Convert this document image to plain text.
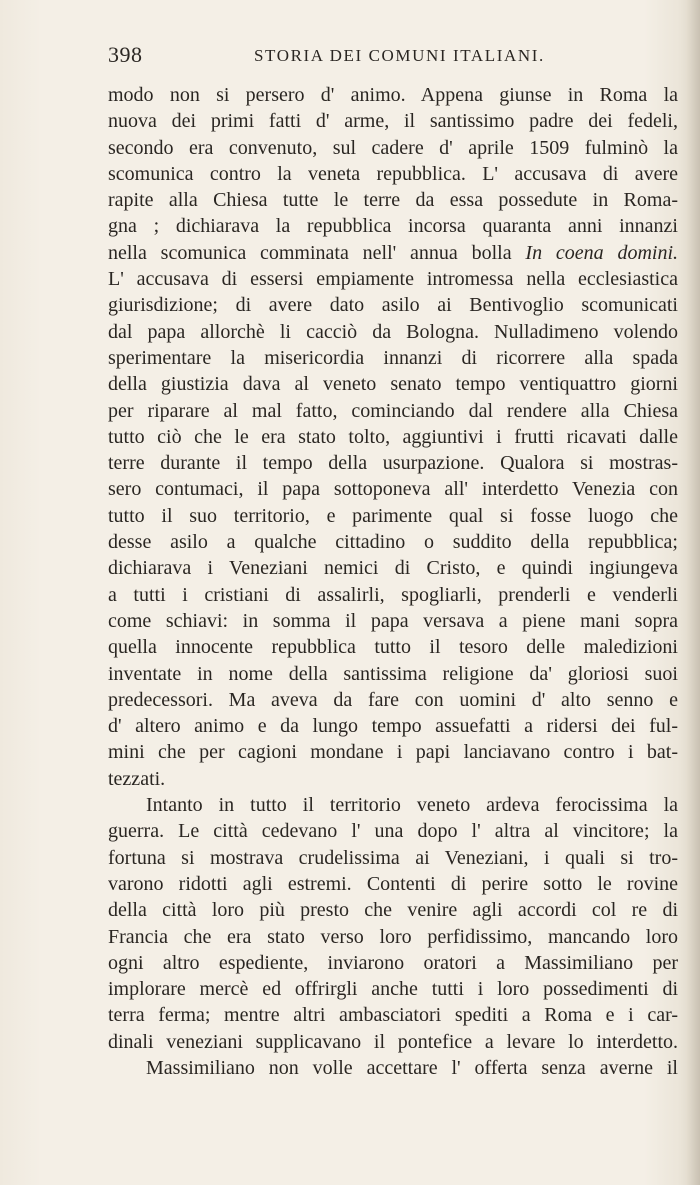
398	STORIA DEI COMUNI ITALIANI.
modo non si persero d' animo. Appena giunse in Roma la
nuova dei primi fatti d' arme, il santissimo padre dei fedeli,
secondo era convenuto, sul cadere d' aprile 1509 fulminò la
scomunica contro la veneta repubblica. L' accusava di avere
rapite alla Chiesa tutte le terre da essa possedute in Roma-
gna ; dichiarava la repubblica incorsa quaranta anni innanzi
nella scomunica comminata nell' annua bolla In coena domini.
L' accusava di essersi empiamente intromessa nella ecclesiastica
giurisdizione; di avere dato asilo ai Bentivoglio scomunicati
dal papa allorchè li cacciò da Bologna. Nulladimeno volendo
sperimentare la misericordia innanzi di ricorrere alla spada
della giustizia dava al veneto senato tempo ventiquattro giorni
per riparare al mal fatto, cominciando dal rendere alla Chiesa
tutto ciò che le era stato tolto, aggiuntivi i frutti ricavati dalle
terre durante il tempo della usurpazione. Qualora si mostras-
sero contumaci, il papa sottoponeva all' interdetto Venezia con
tutto il suo territorio, e parimente qual si fosse luogo che
desse asilo a qualche cittadino o suddito della repubblica;
dichiarava i Veneziani nemici di Cristo, e quindi ingiungeva
a tutti i cristiani di assalirli, spogliarli, prenderli e venderli
come schiavi: in somma il papa versava a piene mani sopra
quella innocente repubblica tutto il tesoro delle maledizioni
inventate in nome della santissima religione da' gloriosi suoi
predecessori. Ma aveva da fare con uomini d' alto senno e
d' altero animo e da lungo tempo assuefatti a ridersi dei ful-
mini che per cagioni mondane i papi lanciavano contro i bat-
tezzati.
Intanto in tutto il territorio veneto ardeva ferocissima la
guerra. Le città cedevano l' una dopo l' altra al vincitore; la
fortuna si mostrava crudelissima ai Veneziani, i quali si tro-
varono ridotti agli estremi. Contenti di perire sotto le rovine
della città loro più presto che venire agli accordi col re di
Francia che era stato verso loro perfidissimo, mancando loro
ogni altro espediente, inviarono oratori a Massimiliano per
implorare mercè ed offrirgli anche tutti i loro possedimenti di
terra ferma; mentre altri ambasciatori spediti a Roma e i car-
dinali veneziani supplicavano il pontefice a levare lo interdetto.
Massimiliano non volle accettare l' offerta senza averne il
